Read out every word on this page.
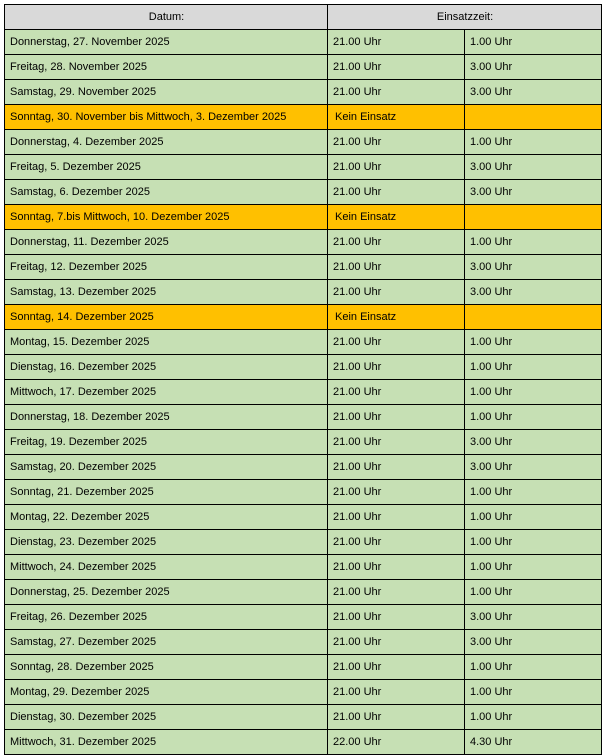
Datum:	Einsatzzeit:	
Donnerstag, 27. November 2025	21.00 Uhr	1.00 Uhr
Freitag, 28. November 2025	21.00 Uhr	3.00 Uhr
Samstag, 29. November 2025	21.00 Uhr	3.00 Uhr
Sonntag, 30. November bis Mittwoch, 3. Dezember 2025	Kein Einsatz	
Donnerstag, 4. Dezember 2025	21.00 Uhr	1.00 Uhr
Freitag, 5. Dezember 2025	21.00 Uhr	3.00 Uhr
Samstag, 6. Dezember 2025	21.00 Uhr	3.00 Uhr
Sonntag, 7.bis Mittwoch, 10. Dezember 2025	Kein Einsatz	
Donnerstag, 11. Dezember 2025	21.00 Uhr	1.00 Uhr
Freitag, 12. Dezember 2025	21.00 Uhr	3.00 Uhr
Samstag, 13. Dezember 2025	21.00 Uhr	3.00 Uhr
Sonntag, 14. Dezember 2025	Kein Einsatz	
Montag, 15. Dezember 2025	21.00 Uhr	1.00 Uhr
Dienstag, 16. Dezember 2025	21.00 Uhr	1.00 Uhr
Mittwoch, 17. Dezember 2025	21.00 Uhr	1.00 Uhr
Donnerstag, 18. Dezember 2025	21.00 Uhr	1.00 Uhr
Freitag, 19. Dezember 2025	21.00 Uhr	3.00 Uhr
Samstag, 20. Dezember 2025	21.00 Uhr	3.00 Uhr
Sonntag, 21. Dezember 2025	21.00 Uhr	1.00 Uhr
Montag, 22. Dezember 2025	21.00 Uhr	1.00 Uhr
Dienstag, 23. Dezember 2025	21.00 Uhr	1.00 Uhr
Mittwoch, 24. Dezember 2025	21.00 Uhr	1.00 Uhr
Donnerstag, 25. Dezember 2025	21.00 Uhr	1.00 Uhr
Freitag, 26. Dezember 2025	21.00 Uhr	3.00 Uhr
Samstag, 27. Dezember 2025	21.00 Uhr	3.00 Uhr
Sonntag, 28. Dezember 2025	21.00 Uhr	1.00 Uhr
Montag, 29. Dezember 2025	21.00 Uhr	1.00 Uhr
Dienstag, 30. Dezember 2025	21.00 Uhr	1.00 Uhr
Mittwoch, 31. Dezember 2025	22.00 Uhr	4.30 Uhr
